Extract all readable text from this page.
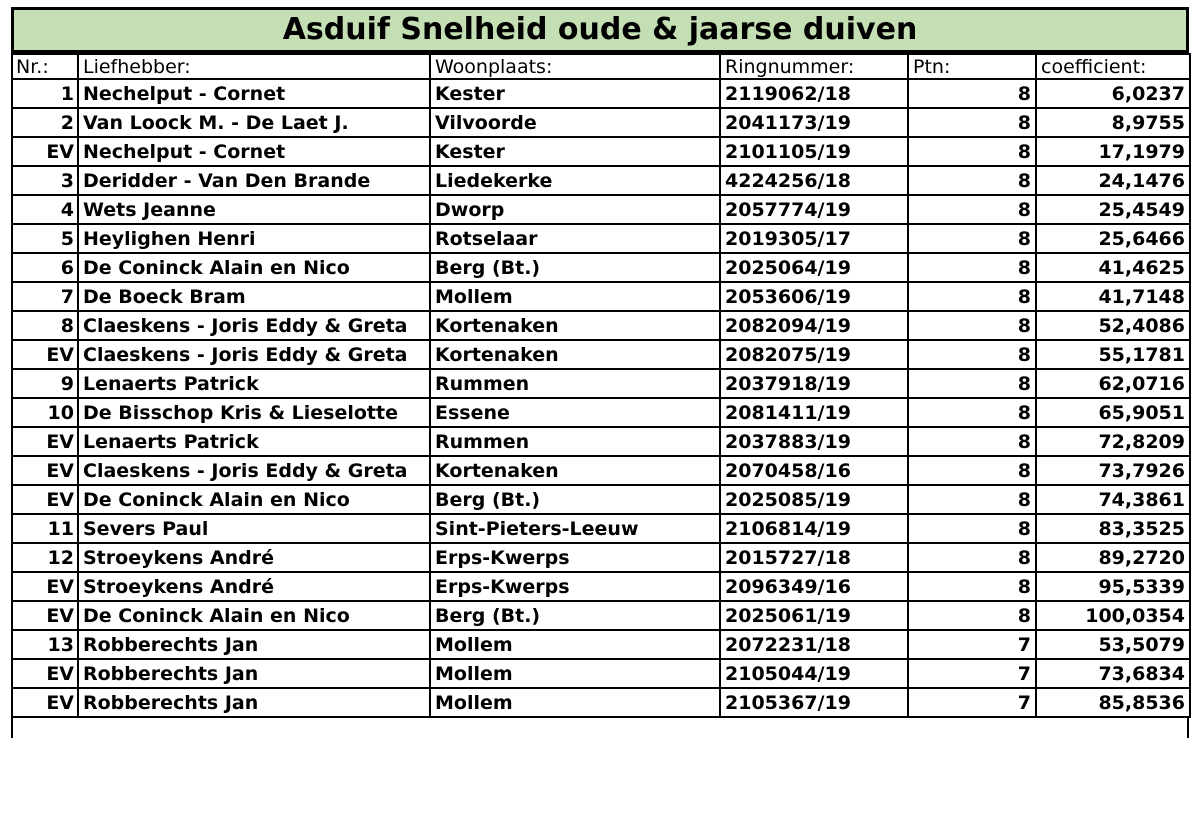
Asduif Snelheid oude & jaarse duiven
Nr.:	Liefhebber:	Woonplaats:	Ringnummer:	Ptn:	coefficient:
1	Nechelput - Cornet	Kester	2119062/18	8	6,0237
2	Van Loock M. - De Laet J.	Vilvoorde	2041173/19	8	8,9755
EV	Nechelput - Cornet	Kester	2101105/19	8	17,1979
3	Deridder - Van Den Brande	Liedekerke	4224256/18	8	24,1476
4	Wets Jeanne	Dworp	2057774/19	8	25,4549
5	Heylighen Henri	Rotselaar	2019305/17	8	25,6466
6	De Coninck Alain en Nico	Berg (Bt.)	2025064/19	8	41,4625
7	De Boeck Bram	Mollem	2053606/19	8	41,7148
8	Claeskens - Joris Eddy & Greta	Kortenaken	2082094/19	8	52,4086
EV	Claeskens - Joris Eddy & Greta	Kortenaken	2082075/19	8	55,1781
9	Lenaerts Patrick	Rummen	2037918/19	8	62,0716
10	De Bisschop Kris & Lieselotte	Essene	2081411/19	8	65,9051
EV	Lenaerts Patrick	Rummen	2037883/19	8	72,8209
EV	Claeskens - Joris Eddy & Greta	Kortenaken	2070458/16	8	73,7926
EV	De Coninck Alain en Nico	Berg (Bt.)	2025085/19	8	74,3861
11	Severs Paul	Sint-Pieters-Leeuw	2106814/19	8	83,3525
12	Stroeykens André	Erps-Kwerps	2015727/18	8	89,2720
EV	Stroeykens André	Erps-Kwerps	2096349/16	8	95,5339
EV	De Coninck Alain en Nico	Berg (Bt.)	2025061/19	8	100,0354
13	Robberechts Jan	Mollem	2072231/18	7	53,5079
EV	Robberechts Jan	Mollem	2105044/19	7	73,6834
EV	Robberechts Jan	Mollem	2105367/19	7	85,8536
